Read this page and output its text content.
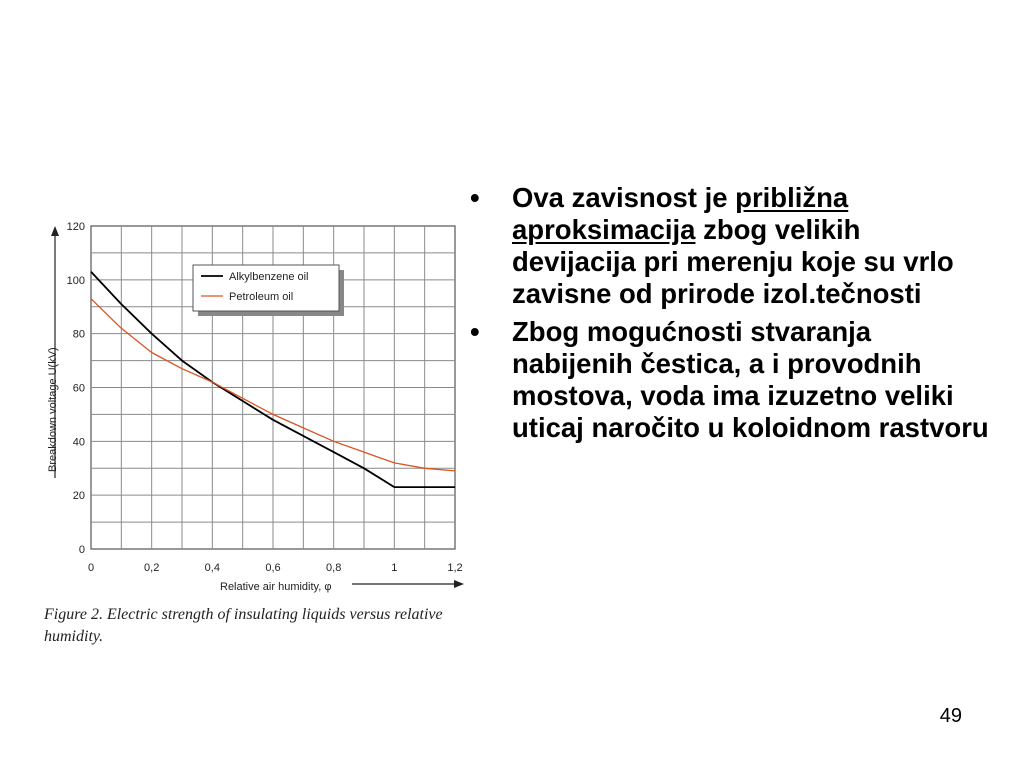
0	0,2	0,4	0,6	0,8	1	1,2
0
20
40
60
80
100
120
Relative air humidity, φ
Breakdown voltage U(kV)
Alkylbenzene oil
Petroleum oil
Figure 2. Electric strength of insulating liquids versus relative humidity.
• Ova zavisnost je približna aproksimacija zbog velikih devijacija pri merenju koje su vrlo zavisne od prirode izol.tečnosti
• Zbog mogućnosti stvaranja nabijenih čestica, a i provodnih mostova, voda ima izuzetno veliki uticaj naročito u koloidnom rastvoru
49
